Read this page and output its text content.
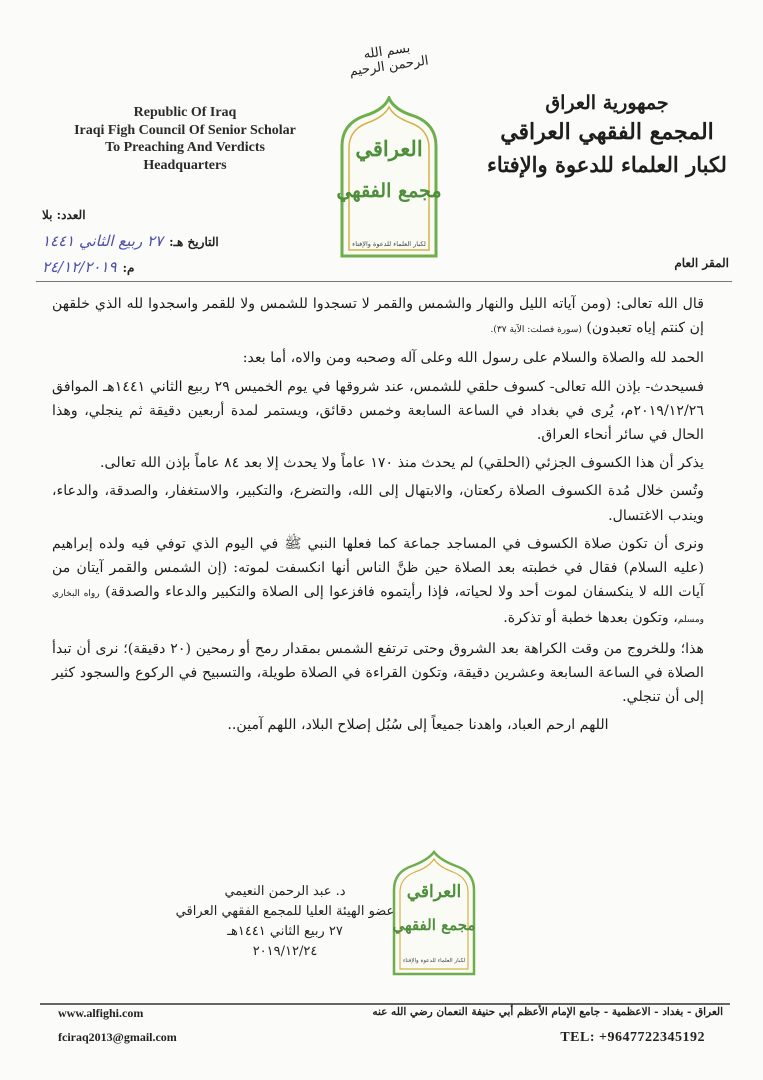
Republic Of Iraq
Iraqi Figh Council Of Senior Scholar
To Preaching And Verdicts
Headquarters
بسم الله الرحمن الرحيم
العراقي
مجمع الفقهي
لكبار العلماء للدعوة والإفتاء
جمهورية العراق
المجمع الفقهي العراقي
لكبار العلماء للدعوة والإفتاء
المقر العام
العدد: بلا
التاريخ هـ:٢٧ ربيع الثاني ١٤٤١
م:٢٤/١٢/٢٠١٩

قال الله تعالى: (ومن آياته الليل والنهار والشمس والقمر لا تسجدوا للشمس ولا للقمر واسجدوا لله الذي خلقهن إن كنتم إياه تعبدون) (سورة فصلت: الآية ٣٧).

الحمد لله والصلاة والسلام على رسول الله وعلى آله وصحبه ومن والاه، أما بعد:

فسيحدث- بإذن الله تعالى- كسوف حلقي للشمس، عند شروقها في يوم الخميس ٢٩ ربيع الثاني ١٤٤١هـ الموافق ٢٠١٩/١٢/٢٦م، يُرى في بغداد في الساعة السابعة وخمس دقائق، ويستمر لمدة أربعين دقيقة ثم ينجلي، وهذا الحال في سائر أنحاء العراق.

يذكر أن هذا الكسوف الجزئي (الحلقي) لم يحدث منذ ١٧٠ عاماً ولا يحدث إلا بعد ٨٤ عاماً بإذن الله تعالى.

وتُسن خلال مُدة الكسوف الصلاة ركعتان، والابتهال إلى الله، والتضرع، والتكبير، والاستغفار، والصدقة، والدعاء، ويندب الاغتسال.

ونرى أن تكون صلاة الكسوف في المساجد جماعة كما فعلها النبي ﷺ في اليوم الذي توفي فيه ولده إبراهيم (عليه السلام) فقال في خطبته بعد الصلاة حين ظنَّ الناس أنها انكسفت لموته: (إن الشمس والقمر آيتان من آيات الله لا ينكسفان لموت أحد ولا لحياته، فإذا رأيتموه فافزعوا إلى الصلاة والتكبير والدعاء والصدقة) رواه البخاري ومسلم، وتكون بعدها خطبة أو تذكرة.

هذا؛ وللخروج من وقت الكراهة بعد الشروق وحتى ترتفع الشمس بمقدار رمح أو رمحين (٢٠ دقيقة)؛ نرى أن تبدأ الصلاة في الساعة السابعة وعشرين دقيقة، وتكون القراءة في الصلاة طويلة، والتسبيح في الركوع والسجود كثير إلى أن تنجلي.

اللهم ارحم العباد، واهدنا جميعاً إلى سُبُل إصلاح البلاد، اللهم آمين..

د. عبد الرحمن النعيمي
عضو الهيئة العليا للمجمع الفقهي العراقي
٢٧ ربيع الثاني ١٤٤١هـ
٢٠١٩/١٢/٢٤
العراقي
مجمع الفقهي
لكبار العلماء للدعوة والإفتاء
www.alfighi.com
fciraq2013@gmail.com
العراق - بغداد - الاعظمية - جامع الإمام الأعظم أبي حنيفة النعمان رضي الله عنه
TEL: +9647722345192
